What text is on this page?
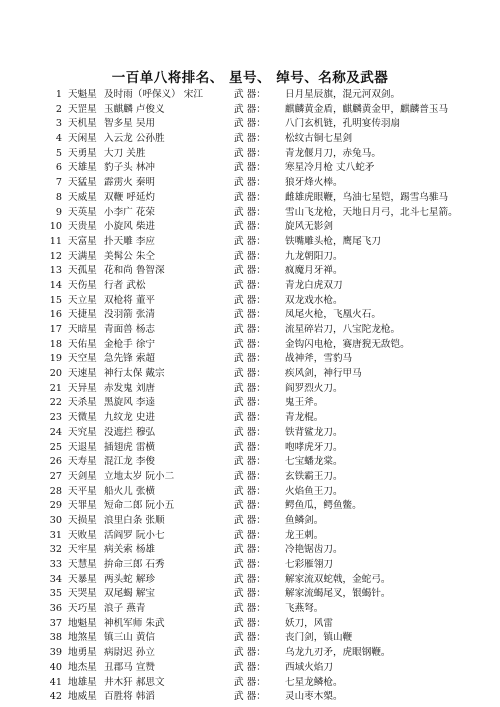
一百单八将排名、 星号、 绰号、名称及武器
1 天魁星 及时雨（呼保义） 宋江	武 器： 日月星辰旗，混元河双剑。
2 天罡星 玉麒麟 卢俊义	武 器： 麒麟黄金盾，麒麟黄金甲，麒麟普玉马
3 天机星 智多星 吴用	武 器： 八门玄机链，孔明宴传羽扇
4 天闲星 入云龙 公孙胜	武 器： 松纹古铜七星剑
5 天勇星 大刀 关胜	武 器： 青龙偃月刀，赤兔马。
6 天雄星 豹子头 林冲	武 器： 寒星冷月枪 丈八蛇矛
7 天猛星 霹雳火 秦明	武 器： 狼牙烽火棒。
8 天威星 双鞭 呼延灼	武 器： 雌雄虎眼鞭，乌油七星铠，踢雪乌骓马
9 天英星 小李广 花荣	武 器： 雪山飞龙枪，天地日月弓，北斗七星箭。
10 天贵星 小旋风 柴进	武 器： 旋风无影剑
11 天富星 扑天雕 李应	武 器： 铁嘴雕头枪，鹰尾飞刀
12 天满星 美髯公 朱仝	武 器： 九龙朝阳刀。
13 天孤星 花和尚 鲁智深	武 器： 疯魔月牙禅。
14 天伤星 行者 武松	武 器： 青龙白虎双刀
15 天立星 双枪将 董平	武 器： 双龙戏水枪。
16 天捷星 没羽箭 张清	武 器： 凤尾火枪，飞凰火石。
17 天暗星 青面兽 杨志	武 器： 流星碎岩刀，八宝陀龙枪。
18 天佑星 金枪手 徐宁	武 器： 金钩闪电枪，赛唐猊无敌铠。
19 天空星 急先锋 索超	武 器： 战神斧，雪豹马
20 天速星 神行太保 戴宗	武 器： 疾风剑，神行甲马
21 天异星 赤发鬼 刘唐	武 器： 阎罗烈火刀。
22 天杀星 黑旋风 李逵	武 器： 鬼王斧。
23 天微星 九纹龙 史进	武 器： 青龙棍。
24 天究星 没遮拦 穆弘	武 器： 铁背鲨龙刀。
25 天退星 插翅虎 雷横	武 器： 咆哮虎牙刀。
26 天寿星 混江龙 李俊	武 器： 七宝蟠龙棠。
27 天剑星 立地太岁 阮小二	武 器： 玄铁霸王刀。
28 天平星 船火儿 张横	武 器： 火焰鱼王刀。
29 天罪星 短命二郎 阮小五	武 器： 鳄鱼瓜，鳄鱼鳖。
30 天损星 浪里白条 张顺	武 器： 鱼鳞剑。
31 天败星 活阎罗 阮小七	武 器： 龙王刺。
32 天牢星 病关索 杨雄	武 器： 冷艳锯齿刀。
33 天慧星 拚命三郎 石秀	武 器： 七彩雁翎刀
34 天暴星 两头蛇 解珍	武 器： 解家流双蛇戟，金蛇弓。
35 天哭星 双尾蝎 解宝	武 器： 解家流蝎尾叉，银蝎针。
36 天巧星 浪子 燕青	武 器： 飞燕弩。
37 地魁星 神机军师 朱武	武 器： 妖刀，风雷
38 地煞星 镇三山 黄信	武 器： 丧门剑，镇山鞭
39 地勇星 病尉迟 孙立	武 器： 乌龙九刃矛，虎眼钢鞭。
40 地杰星 丑郡马 宣赞	武 器： 西域火焰刀
41 地雄星 井木犴 郝思文	武 器： 七星龙鳞枪。
42 地威星 百胜将 韩滔	武 器： 灵山枣木槊。
